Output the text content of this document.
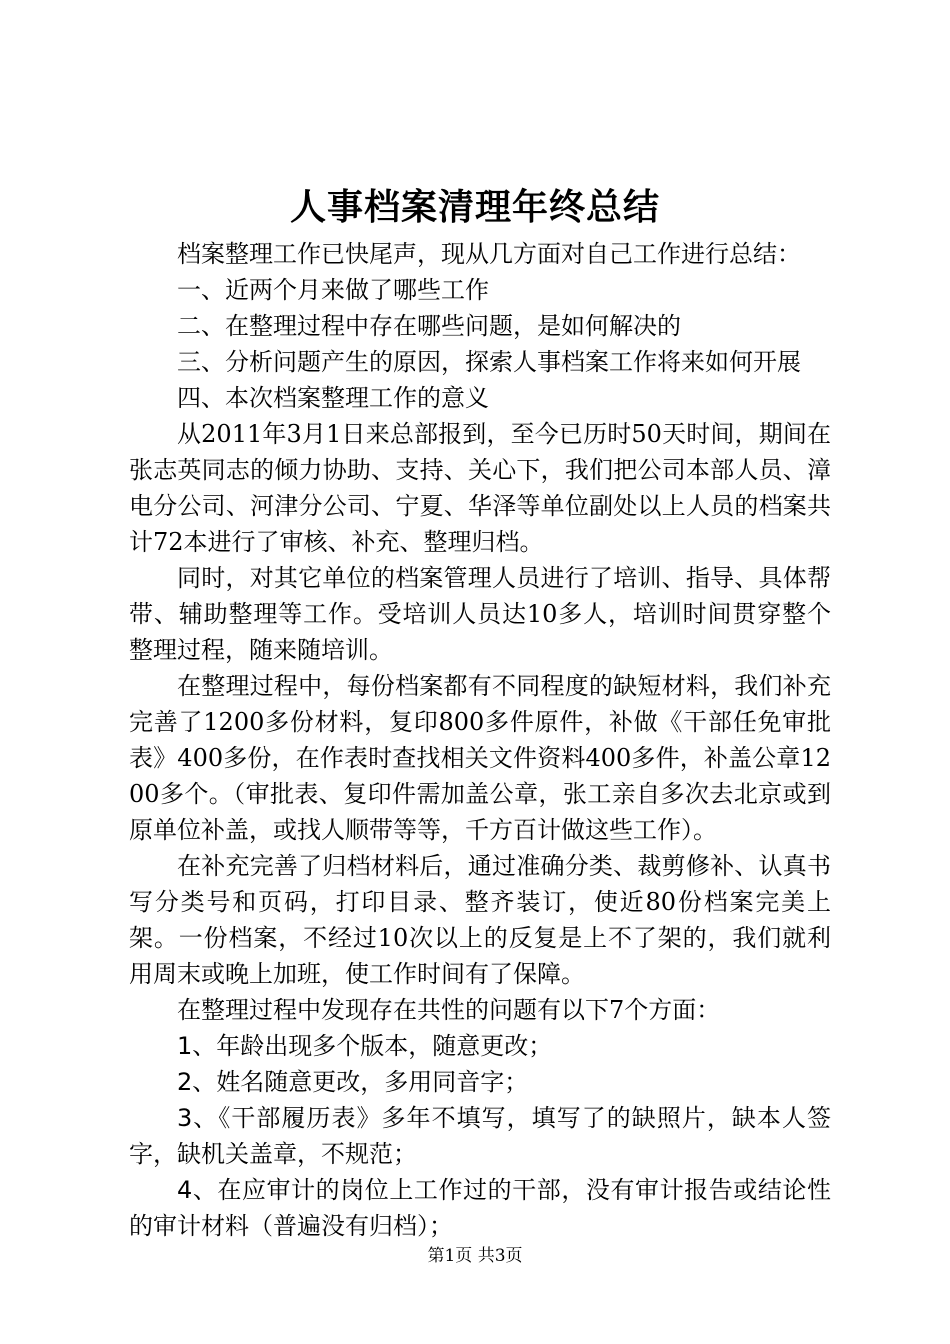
人事档案清理年终总结

档案整理工作已快尾声，现从几方面对自己工作进行总结：

一、近两个月来做了哪些工作

二、在整理过程中存在哪些问题，是如何解决的

三、分析问题产生的原因，探索人事档案工作将来如何开展

四、本次档案整理工作的意义

从2011年3月1日来总部报到，至今已历时50天时间，期间在张志英同志的倾力协助、支持、关心下，我们把公司本部人员、漳电分公司、河津分公司、宁夏、华泽等单位副处以上人员的档案共计72本进行了审核、补充、整理归档。

同时，对其它单位的档案管理人员进行了培训、指导、具体帮带、辅助整理等工作。受培训人员达10多人，培训时间贯穿整个整理过程，随来随培训。

在整理过程中，每份档案都有不同程度的缺短材料，我们补充完善了1200多份材料，复印800多件原件，补做《干部任免审批表》400多份，在作表时查找相关文件资料400多件，补盖公章1200多个。（审批表、复印件需加盖公章，张工亲自多次去北京或到原单位补盖，或找人顺带等等，千方百计做这些工作）。

在补充完善了归档材料后，通过准确分类、裁剪修补、认真书写分类号和页码，打印目录、整齐装订，使近80份档案完美上架。一份档案，不经过10次以上的反复是上不了架的，我们就利用周末或晚上加班，使工作时间有了保障。

在整理过程中发现存在共性的问题有以下7个方面：

1、年龄出现多个版本，随意更改；

2、姓名随意更改，多用同音字；

3、《干部履历表》多年不填写，填写了的缺照片，缺本人签字，缺机关盖章，不规范；

4、在应审计的岗位上工作过的干部，没有审计报告或结论性的审计材料（普遍没有归档）；

第1页 共3页
